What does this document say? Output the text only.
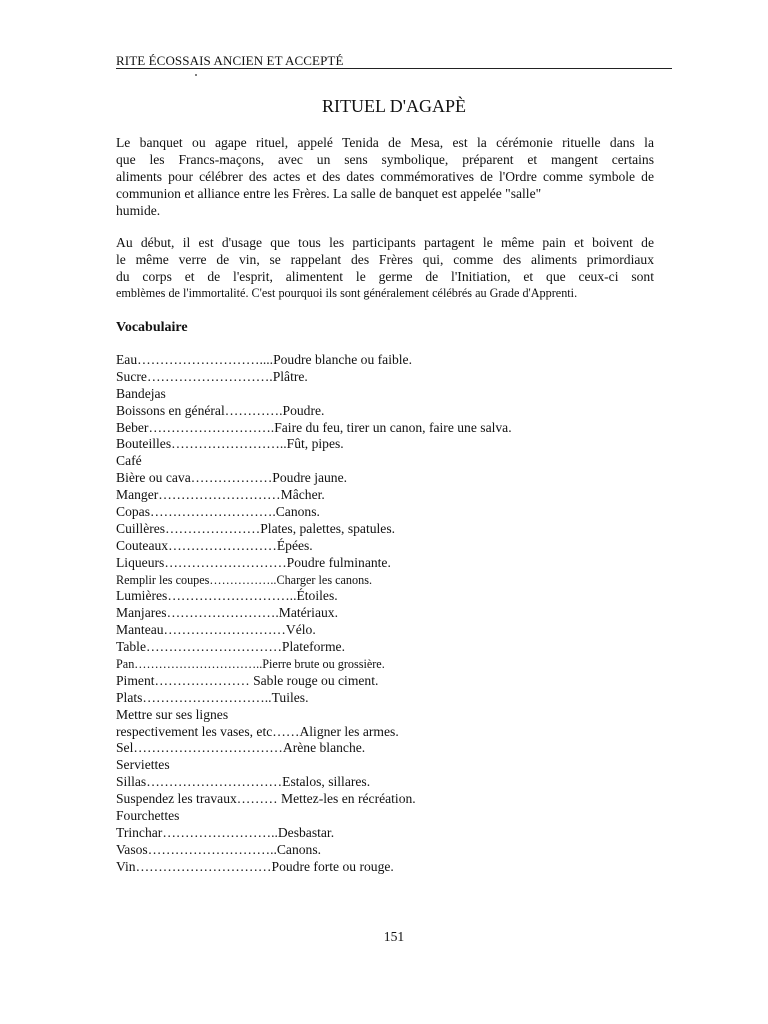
RITE ÉCOSSAIS ANCIEN ET ACCEPTÉ
RITUEL D'AGAPÈ
Le banquet ou agape rituel, appelé Tenida de Mesa, est la cérémonie rituelle dans la
que les Francs-maçons, avec un sens symbolique, préparent et mangent certains
aliments pour célébrer des actes et des dates commémoratives de l'Ordre comme symbole de
communion et alliance entre les Frères. La salle de banquet est appelée "salle"
humide.
Au début, il est d'usage que tous les participants partagent le même pain et boivent de
le même verre de vin, se rappelant des Frères qui, comme des aliments primordiaux
du corps et de l'esprit, alimentent le germe de l'Initiation, et que ceux-ci sont
emblèmes de l'immortalité. C'est pourquoi ils sont généralement célébrés au Grade d'Apprenti.
Vocabulaire
Eau………………………....Poudre blanche ou faible.
Sucre……………………….Plâtre.
Bandejas
Boissons en général………….Poudre.
Beber……………………….Faire du feu, tirer un canon, faire une salva.
Bouteilles……………………..Fût, pipes.
Café
Bière ou cava………………Poudre jaune.
Manger………………………Mâcher.
Copas……………………….Canons.
Cuillères…………………Plates, palettes, spatules.
Couteaux……………………Épées.
Liqueurs………………………Poudre fulminante.
Remplir les coupes……………..Charger les canons.
Lumières………………………..Étoiles.
Manjares…………………….Matériaux.
Manteau………………………Vélo.
Table…………………………Plateforme.
Pan…………………………..Pierre brute ou grossière.
Piment………………… Sable rouge ou ciment.
Plats………………………..Tuiles.
Mettre sur ses lignes
respectivement les vases, etc……Aligner les armes.
Sel……………………………Arène blanche.
Serviettes
Sillas…………………………Estalos, sillares.
Suspendez les travaux……… Mettez-les en récréation.
Fourchettes
Trinchar……………………..Desbastar.
Vasos………………………..Canons.
Vin…………………………Poudre forte ou rouge.
151
